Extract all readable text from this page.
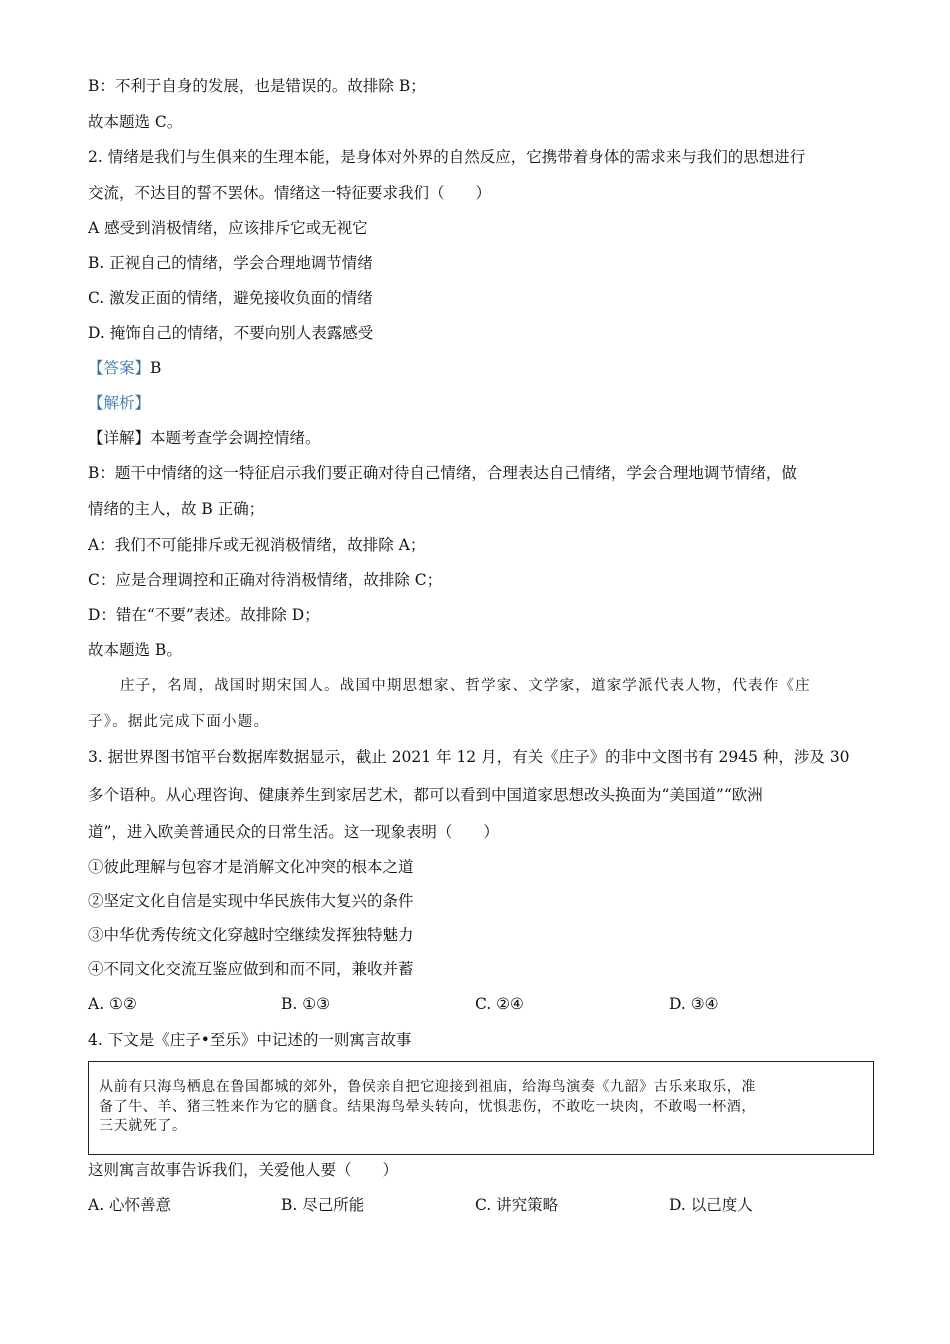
B：不利于自身的发展，也是错误的。故排除 B；
故本题选 C。
2. 情绪是我们与生俱来的生理本能，是身体对外界的自然反应，它携带着身体的需求来与我们的思想进行
交流，不达目的誓不罢休。情绪这一特征要求我们（　　）
A 感受到消极情绪，应该排斥它或无视它
B. 正视自己的情绪，学会合理地调节情绪
C. 激发正面的情绪，避免接收负面的情绪
D. 掩饰自己的情绪，不要向别人表露感受
【答案】B
【解析】
【详解】本题考查学会调控情绪。
B：题干中情绪的这一特征启示我们要正确对待自己情绪，合理表达自己情绪，学会合理地调节情绪，做
情绪的主人，故 B 正确；
A：我们不可能排斥或无视消极情绪，故排除 A；
C：应是合理调控和正确对待消极情绪，故排除 C；
D：错在“不要”表述。故排除 D；
故本题选 B。
庄子，名周，战国时期宋国人。战国中期思想家、哲学家、文学家，道家学派代表人物，代表作《庄
子》。据此完成下面小题。
3. 据世界图书馆平台数据库数据显示，截止 2021 年 12 月，有关《庄子》的非中文图书有 2945 种，涉及 30
多个语种。从心理咨询、健康养生到家居艺术，都可以看到中国道家思想改头换面为“美国道”“欧洲
道”，进入欧美普通民众的日常生活。这一现象表明（　　）
①彼此理解与包容才是消解文化冲突的根本之道
②坚定文化自信是实现中华民族伟大复兴的条件
③中华优秀传统文化穿越时空继续发挥独特魅力
④不同文化交流互鉴应做到和而不同，兼收并蓄
A. ①②	B. ①③	C. ②④	D. ③④
4. 下文是《庄子•至乐》中记述的一则寓言故事
从前有只海鸟栖息在鲁国都城的郊外，鲁侯亲自把它迎接到祖庙，给海鸟演奏《九韶》古乐来取乐，准
备了牛、羊、猪三牲来作为它的膳食。结果海鸟晕头转向，忧惧悲伤，不敢吃一块肉，不敢喝一杯酒，
三天就死了。
这则寓言故事告诉我们，关爱他人要（　　）
A. 心怀善意	B. 尽己所能	C. 讲究策略	D. 以己度人
